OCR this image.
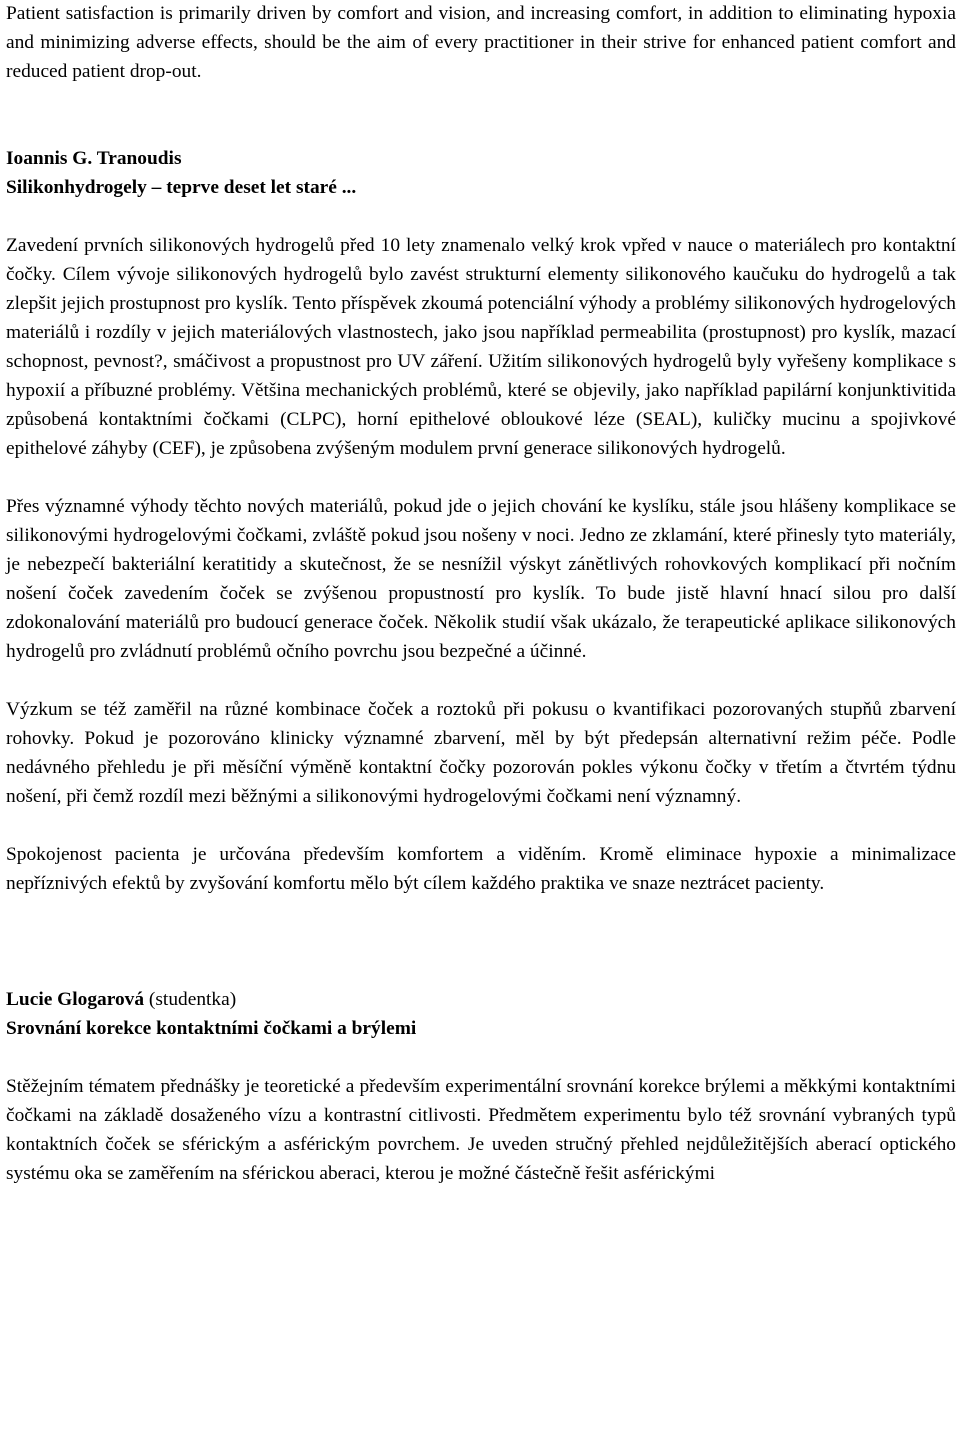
Patient satisfaction is primarily driven by comfort and vision, and increasing comfort, in addition to eliminating hypoxia and minimizing adverse effects, should be the aim of every practitioner in their strive for enhanced patient comfort and reduced patient drop-out.

Ioannis G. Tranoudis

Silikonhydrogely – teprve deset let staré ...

Zavedení prvních silikonových hydrogelů před 10 lety znamenalo velký krok vpřed v nauce o materiálech pro kontaktní čočky. Cílem vývoje silikonových hydrogelů bylo zavést strukturní elementy silikonového kaučuku do hydrogelů a tak zlepšit jejich prostupnost pro kyslík. Tento příspěvek zkoumá potenciální výhody a problémy silikonových hydrogelových materiálů i rozdíly v jejich materiálových vlastnostech, jako jsou například permeabilita (prostupnost) pro kyslík, mazací schopnost, pevnost?, smáčivost a propustnost pro UV záření. Užitím silikonových hydrogelů byly vyřešeny komplikace s hypoxií a příbuzné problémy. Většina mechanických problémů, které se objevily, jako například papilární konjunktivitida způsobená kontaktními čočkami (CLPC), horní epithelové obloukové léze (SEAL), kuličky mucinu a spojivkové epithelové záhyby (CEF), je způsobena zvýšeným modulem první generace silikonových hydrogelů.

Přes významné výhody těchto nových materiálů, pokud jde o jejich chování ke kyslíku, stále jsou hlášeny komplikace se silikonovými hydrogelovými čočkami, zvláště pokud jsou nošeny v noci. Jedno ze zklamání, které přinesly tyto materiály, je nebezpečí bakteriální keratitidy a skutečnost, že se nesnížil výskyt zánětlivých rohovkových komplikací při nočním nošení čoček zavedením čoček se zvýšenou propustností pro kyslík. To bude jistě hlavní hnací silou pro další zdokonalování materiálů pro budoucí generace čoček. Několik studií však ukázalo, že terapeutické aplikace silikonových hydrogelů pro zvládnutí problémů očního povrchu jsou bezpečné a účinné.

Výzkum se též zaměřil na různé kombinace čoček a roztoků při pokusu o kvantifikaci pozorovaných stupňů zbarvení rohovky. Pokud je pozorováno klinicky významné zbarvení, měl by být předepsán alternativní režim péče. Podle nedávného přehledu je při měsíční výměně kontaktní čočky pozorován pokles výkonu čočky v třetím a čtvrtém týdnu nošení, při čemž rozdíl mezi běžnými a silikonovými hydrogelovými čočkami není významný.

Spokojenost pacienta je určována především komfortem a viděním. Kromě eliminace hypoxie a minimalizace nepříznivých efektů by zvyšování komfortu mělo být cílem každého praktika ve snaze neztrácet pacienty.

Lucie Glogarová (studentka)

Srovnání korekce kontaktními čočkami a brýlemi

Stěžejním tématem přednášky je teoretické a především experimentální srovnání korekce brýlemi a měkkými kontaktními čočkami na základě dosaženého vízu a kontrastní citlivosti. Předmětem experimentu bylo též srovnání vybraných typů kontaktních čoček se sférickým a asférickým povrchem. Je uveden stručný přehled nejdůležitějších aberací optického systému oka se zaměřením na sférickou aberaci, kterou je možné částečně řešit asférickými
